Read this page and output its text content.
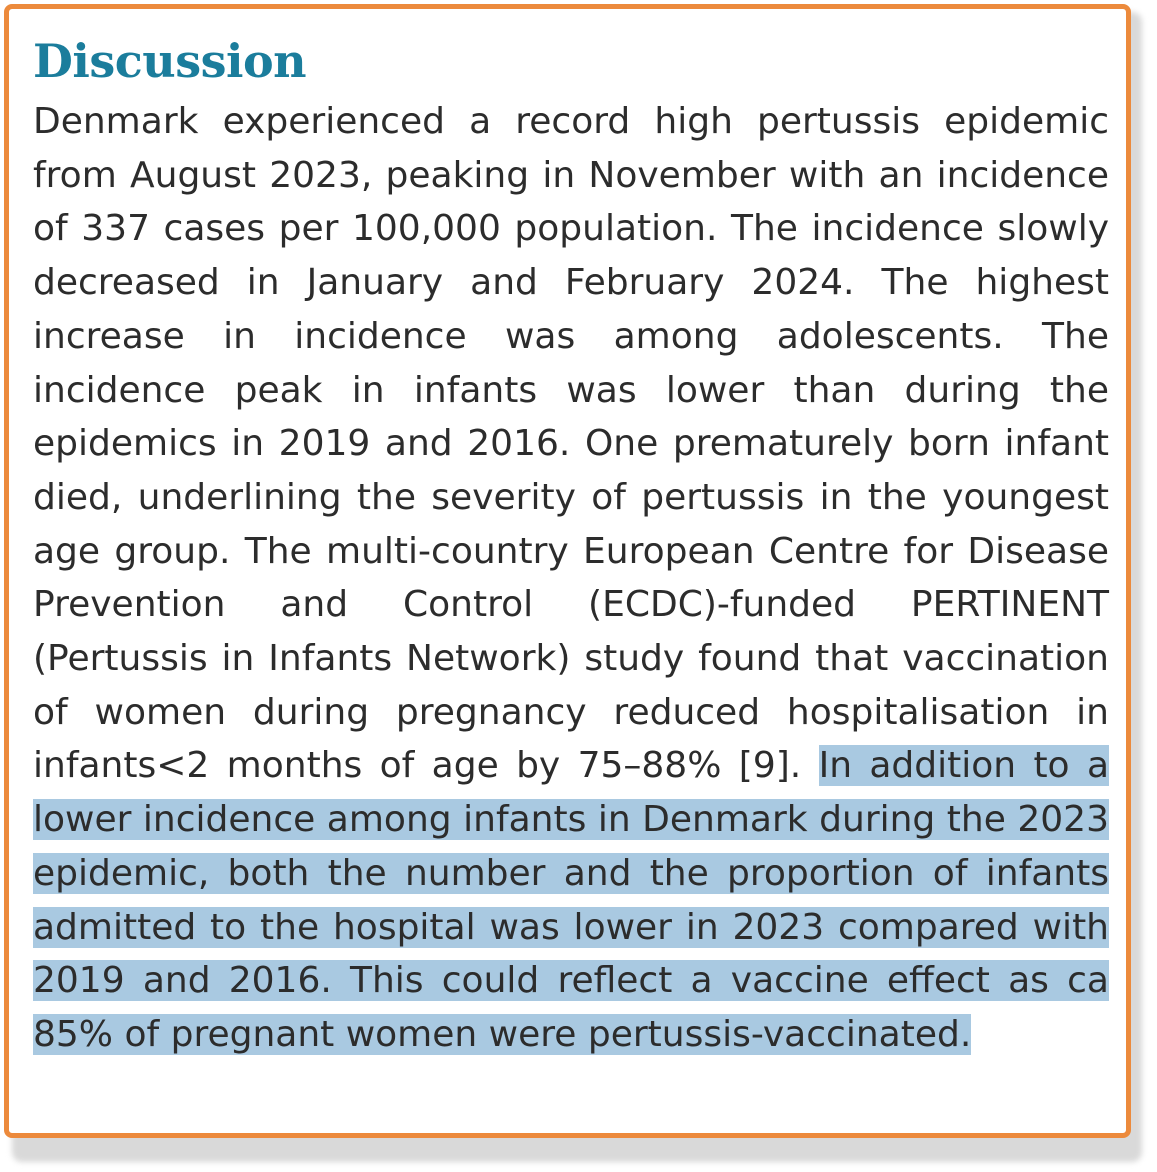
Discussion

Denmark experienced a record high pertussis epidemic from August 2023, peaking in November with an incidence of 337 cases per 100,000 population. The incidence slowly decreased in January and February 2024. The highest increase in incidence was among adolescents. The incidence peak in infants was lower than during the epidemics in 2019 and 2016. One prematurely born infant died, underlining the severity of pertussis in the youngest age group. The multi-country European Centre for Disease Prevention and Control (ECDC)-funded PERTINENT (Pertussis in Infants Network) study found that vaccination of women during pregnancy reduced hospitalisation in infants<2 months of age by 75–88% [9]. In addition to a lower incidence among infants in Denmark during the 2023 epidemic, both the number and the proportion of infants admitted to the hospital was lower in 2023 compared with 2019 and 2016. This could reflect a vaccine effect as ca 85% of pregnant women were pertussis-vaccinated.
